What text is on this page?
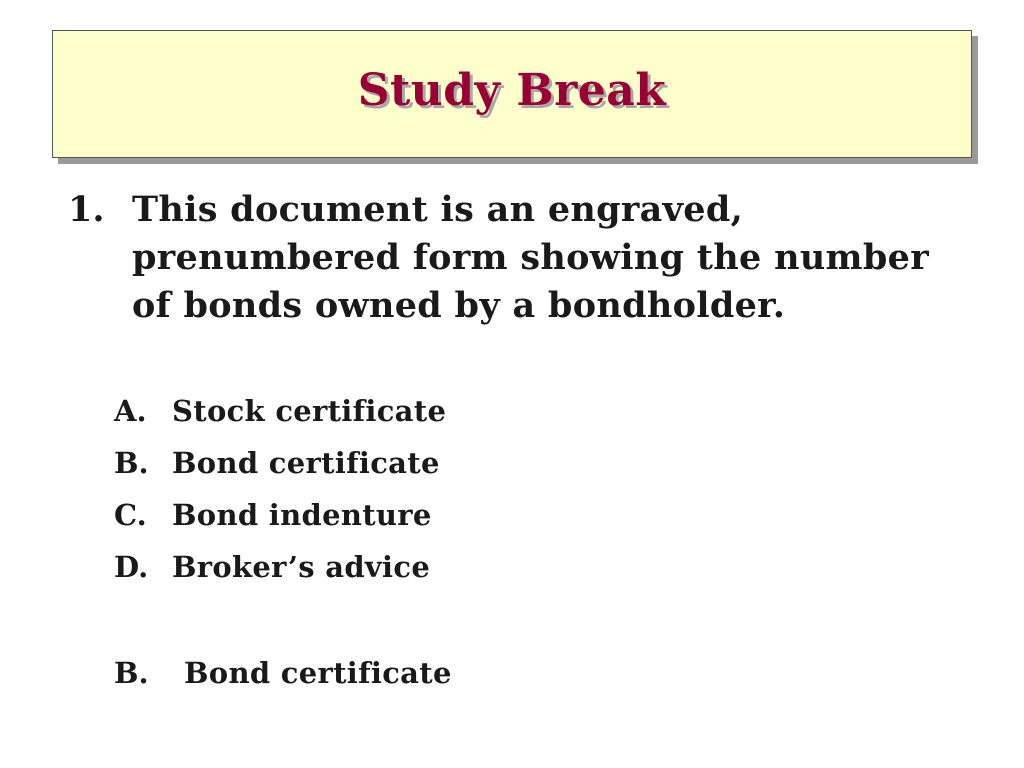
Study Break
1. This document is an engraved, prenumbered form showing the number of bonds owned by a bondholder.
A. Stock certificate
B. Bond certificate
C. Bond indenture
D. Broker’s advice
B.	Bond certificate
